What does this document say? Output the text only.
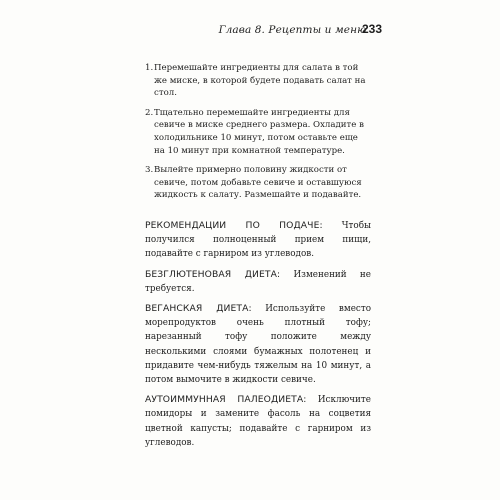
Глава 8. Рецепты и меню
233
1. Перемешайте ингредиенты для салата в той же миске, в которой будете подавать салат на стол.
2. Тщательно перемешайте ингредиенты для севиче в миске среднего размера. Охладите в холодильнике 10 минут, потом оставьте еще на 10 минут при комнатной температуре.
3. Вылейте примерно половину жидкости от севиче, потом добавьте севиче и оставшуюся жидкость к салату. Размешайте и подавайте.

РЕКОМЕНДАЦИИ ПО ПОДАЧЕ: Чтобы получился полноценный прием пищи, подавайте с гарниром из углеводов.

БЕЗГЛЮТЕНОВАЯ ДИЕТА: Изменений не требуется.

ВЕГАНСКАЯ ДИЕТА: Используйте вместо морепродуктов очень плотный тофу; нарезанный тофу положите между несколькими слоями бумажных полотенец и придавите чем-нибудь тяжелым на 10 минут, а потом вымочите в жидкости севиче.

АУТОИММУННАЯ ПАЛЕОДИЕТА: Исключите помидоры и замените фасоль на соцветия цветной капусты; подавайте с гарниром из углеводов.
